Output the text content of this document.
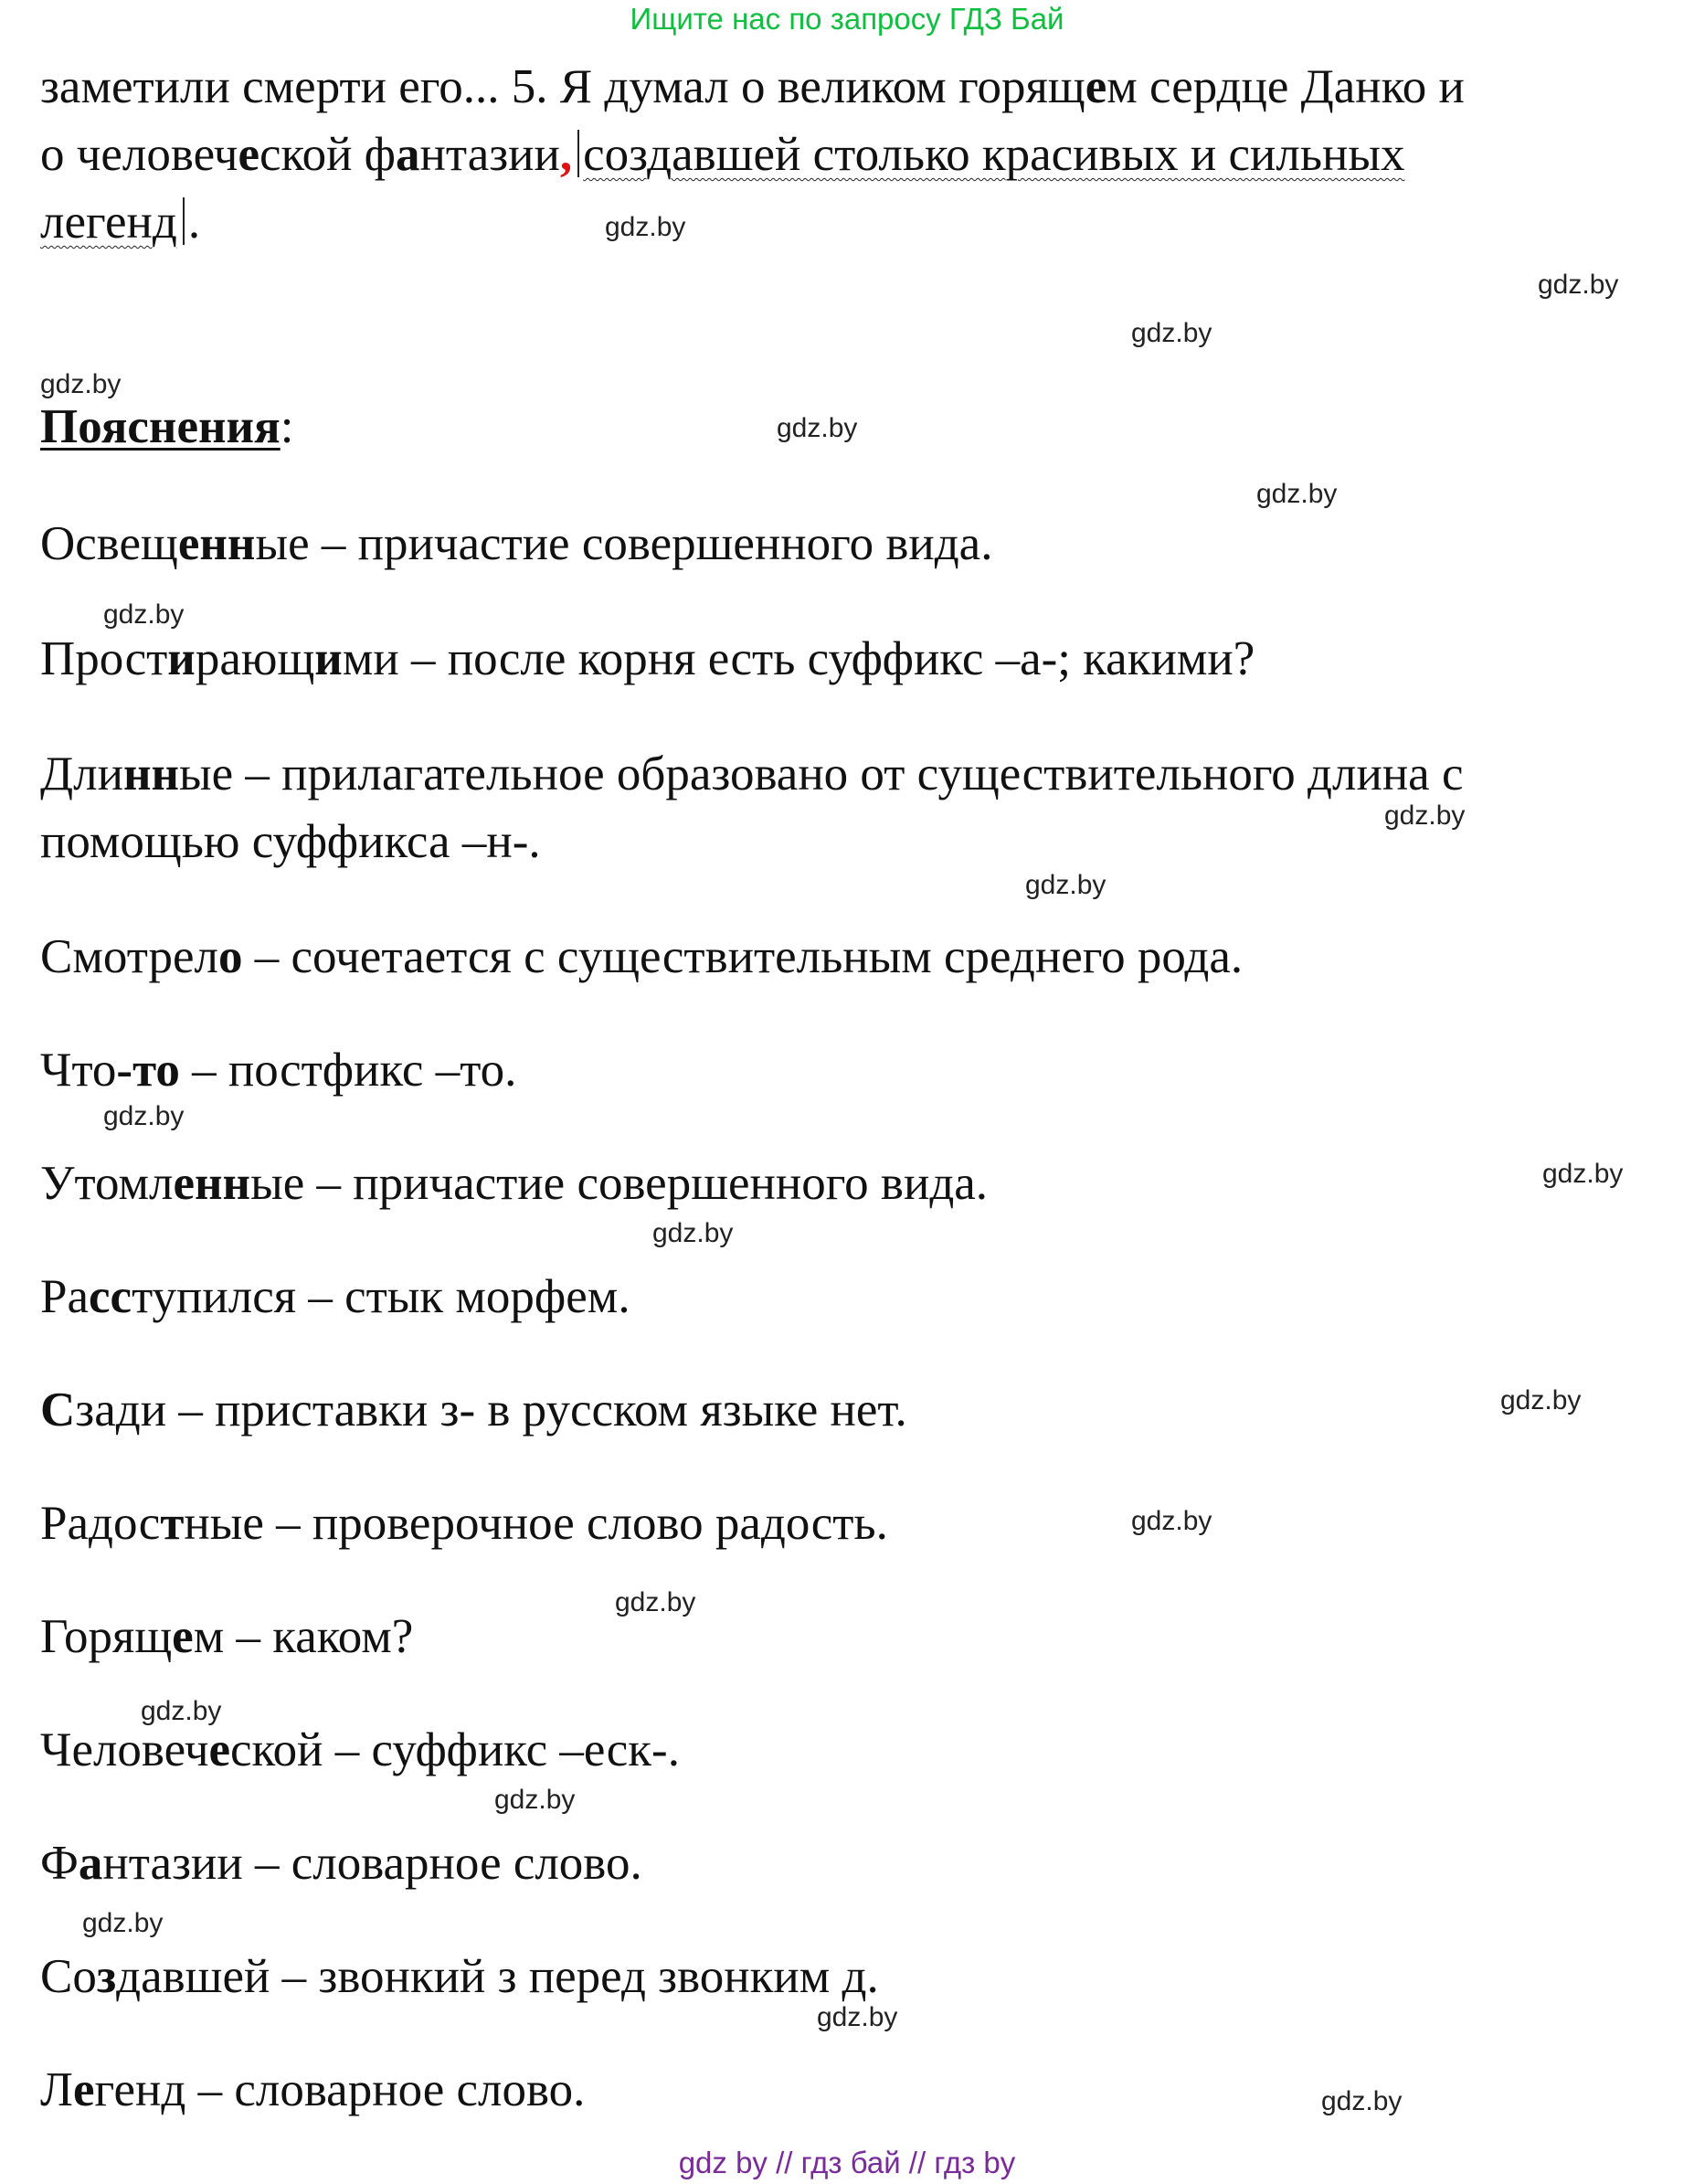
Ищите нас по запросу ГДЗ Бай
заметили смерти его... 5. Я думал о великом горящем сердце Данко и
о человеческой фантазии, создавшей столько красивых и сильных
легенд .
Пояснения:
Освещенные – причастие совершенного вида.
Простирающими – после корня есть суффикс –а-; какими?
Длинные – прилагательное образовано от существительного длина с помощью суффикса –н-.
Смотрело – сочетается с существительным среднего рода.
Что-то – постфикс –то.
Утомленные – причастие совершенного вида.
Расступился – стык морфем.
Сзади – приставки з- в русском языке нет.
Радостные – проверочное слово радость.
Горящем – каком?
Человеческой – суффикс –еск-.
Фантазии – словарное слово.
Создавшей – звонкий з перед звонким д.
Легенд – словарное слово.
gdz.by
gdz.by
gdz.by
gdz.by
gdz.by
gdz.by
gdz.by
gdz.by
gdz.by
gdz.by
gdz.by
gdz.by
gdz.by
gdz.by
gdz.by
gdz.by
gdz.by
gdz.by
gdz.by
gdz.by
gdz by // гдз бай // гдз by
